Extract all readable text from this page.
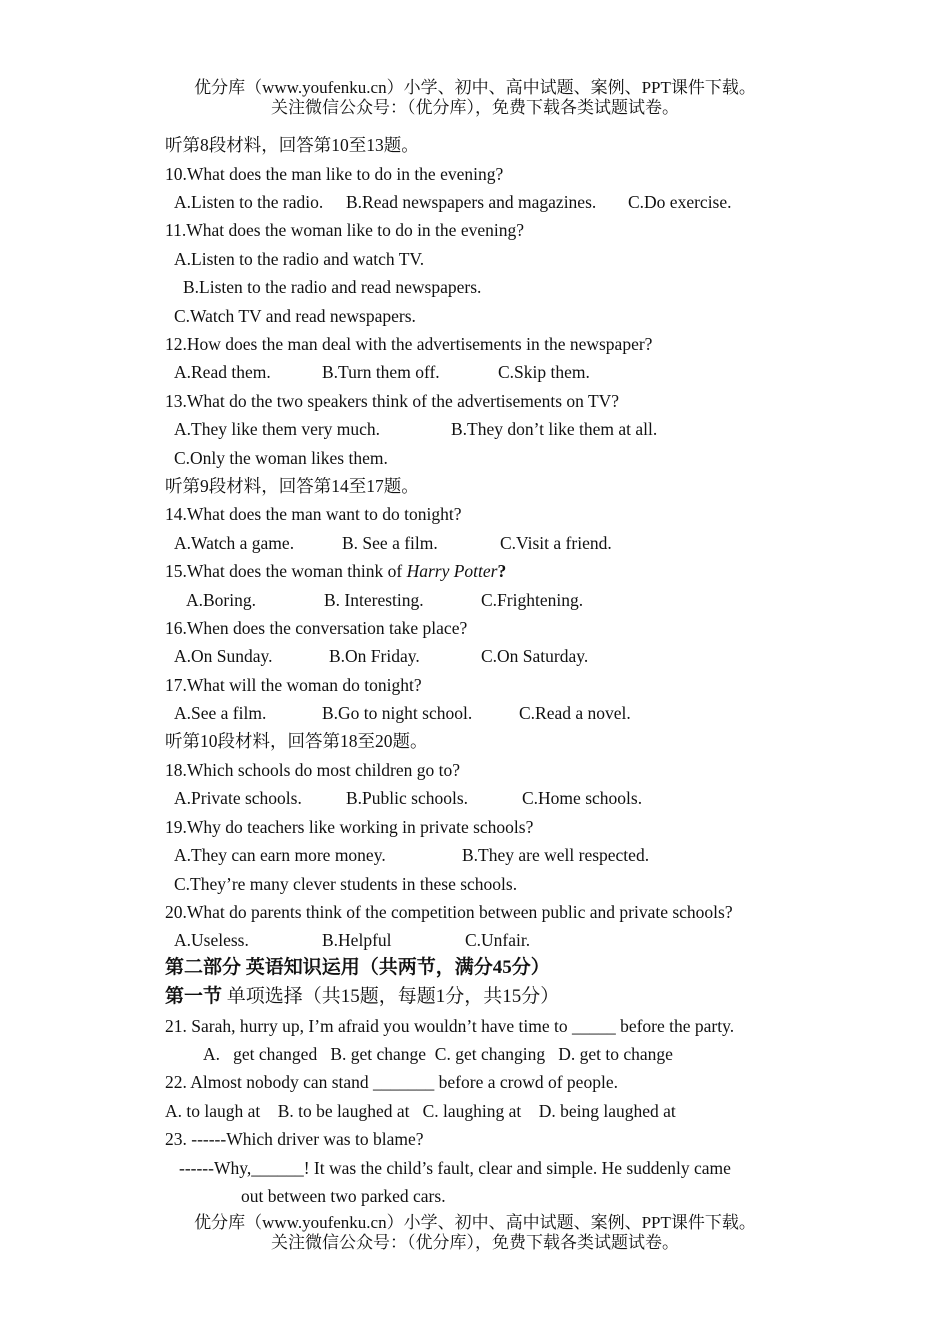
优分库（www.youfenku.cn）小学、初中、高中试题、案例、PPT课件下载。
关注微信公众号：（优分库），免费下载各类试题试卷。
听第8段材料，回答第10至13题。
10.What does the man like to do in the evening?
A.Listen to the radio. B.Read newspapers and magazines. C.Do exercise.
11.What does the woman like to do in the evening?
A.Listen to the radio and watch TV.
B.Listen to the radio and read newspapers.
C.Watch TV and read newspapers.
12.How does the man deal with the advertisements in the newspaper?
A.Read them.	B.Turn them off.	C.Skip them.
13.What do the two speakers think of the advertisements on TV?
A.They like them very much.	B.They don’t like them at all.
C.Only the woman likes them.
听第9段材料，回答第14至17题。
14.What does the man want to do tonight?
A.Watch a game.	B. See a film.	C.Visit a friend.
15.What does the woman think of Harry Potter?
A.Boring.	B. Interesting.	C.Frightening.
16.When does the conversation take place?
A.On Sunday.	B.On Friday.	C.On Saturday.
17.What will the woman do tonight?
A.See a film.	B.Go to night school.	C.Read a novel.
听第10段材料，回答第18至20题。
18.Which schools do most children go to?
A.Private schools.	B.Public schools.	C.Home schools.
19.Why do teachers like working in private schools?
A.They can earn more money.	B.They are well respected.
C.They’re many clever students in these schools.
20.What do parents think of the competition between public and private schools?
A.Useless.	B.Helpful	C.Unfair.
第二部分 英语知识运用（共两节，满分45分）
第一节 单项选择（共15题，每题1分，共15分）
21. Sarah, hurry up, I’m afraid you wouldn’t have time to _____ before the party.
A.   get changed   B. get change  C. get changing   D. get to change
22. Almost nobody can stand _______ before a crowd of people.
A. to laugh at    B. to be laughed at   C. laughing at    D. being laughed at
23. ------Which driver was to blame?
------Why,______! It was the child’s fault, clear and simple. He suddenly came
out between two parked cars.
优分库（www.youfenku.cn）小学、初中、高中试题、案例、PPT课件下载。
关注微信公众号：（优分库），免费下载各类试题试卷。
